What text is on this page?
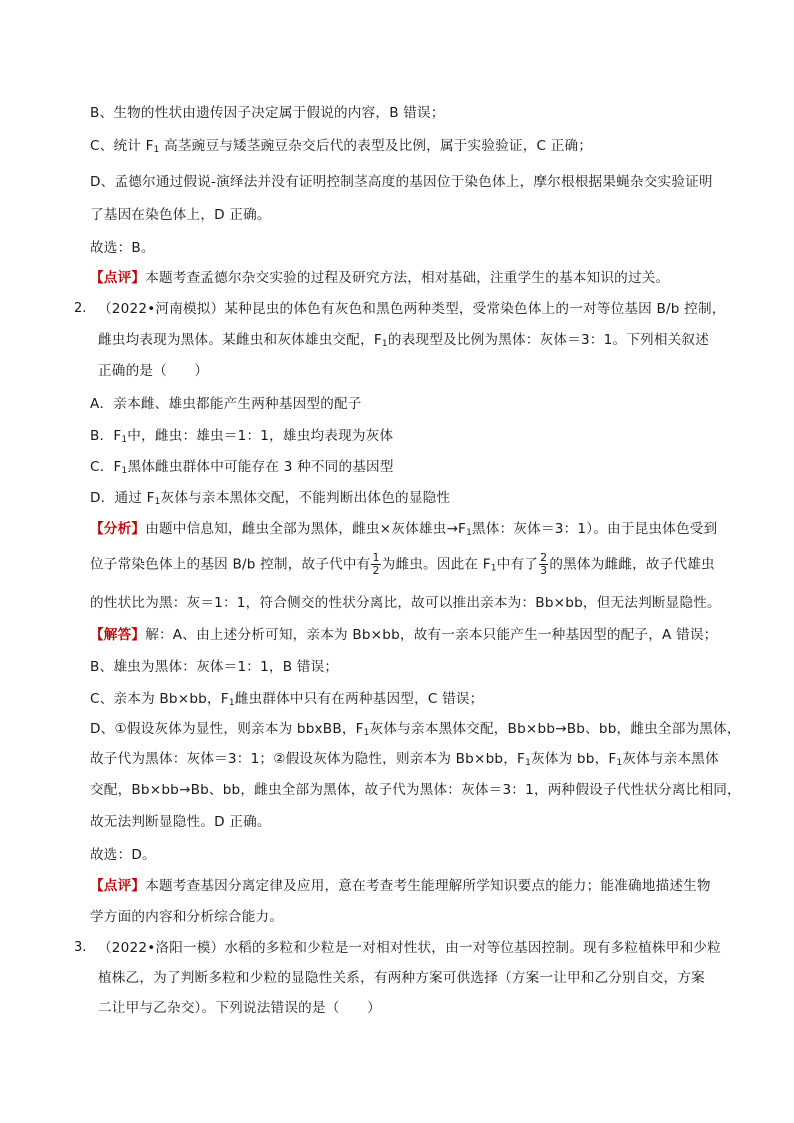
B、生物的性状由遗传因子决定属于假说的内容，B 错误；
C、统计 $F_1$ 高茎豌豆与矮茎豌豆杂交后代的表型及比例，属于实验验证，C 正确；
D、孟德尔通过假说-演绎法并没有证明控制茎高度的基因位于染色体上，摩尔根根据果蝇杂交实验证明
了基因在染色体上，D 正确。
故选：B。
【点评】本题考查孟德尔杂交实验的过程及研究方法，相对基础，注重学生的基本知识的过关。
2. （2022•河南模拟）某种昆虫的体色有灰色和黑色两种类型，受常染色体上的一对等位基因 B/b 控制，
雌虫均表现为黑体。某雌虫和灰体雄虫交配，$F_1$的表现型及比例为黑体：灰体＝3：1。下列相关叙述
正确的是（　　）
A．亲本雌、雄虫都能产生两种基因型的配子
B．$F_1$中，雌虫：雄虫＝1：1，雄虫均表现为灰体
C．$F_1$黑体雌虫群体中可能存在 3 种不同的基因型
D．通过 $F_1$灰体与亲本黑体交配，不能判断出体色的显隐性
【分析】由题中信息知，雌虫全部为黑体，雌虫×灰体雄虫$\to F_1$黑体：灰体＝3：1）。由于昆虫体色受到
位子常染色体上的基因 B/b 控制，故子代中有 $\frac{1}{2}$ 为雌虫。因此在 $F_1$中有了 $\frac{2}{3}$ 的黑体为雌雌，故子代雄虫
的性状比为黑：灰＝1：1，符合侧交的性状分离比，故可以推出亲本为：Bb×bb，但无法判断显隐性。
【解答】解：A、由上述分析可知，亲本为 Bb×bb，故有一亲本只能产生一种基因型的配子，A 错误；
B、雄虫为黑体：灰体＝1：1，B 错误；
C、亲本为 Bb×bb，$F_1$雌虫群体中只有在两种基因型，C 错误；
D、①假设灰体为显性，则亲本为 bbxBB，$F_1$灰体与亲本黑体交配，Bb×bb→Bb、bb，雌虫全部为黑体，
故子代为黑体：灰体＝3：1；②假设灰体为隐性，则亲本为 Bb×bb，$F_1$灰体为 bb，$F_1$灰体与亲本黑体
交配，Bb×bb→Bb、bb，雌虫全部为黑体，故子代为黑体：灰体＝3：1，两种假设子代性状分离比相同，
故无法判断显隐性。D 正确。
故选：D。
【点评】本题考查基因分离定律及应用，意在考查考生能理解所学知识要点的能力；能准确地描述生物
学方面的内容和分析综合能力。
3. （2022•洛阳一模）水稻的多粒和少粒是一对相对性状，由一对等位基因控制。现有多粒植株甲和少粒
植株乙，为了判断多粒和少粒的显隐性关系，有两种方案可供选择（方案一让甲和乙分别自交，方案
二让甲与乙杂交）。下列说法错误的是（　　）
